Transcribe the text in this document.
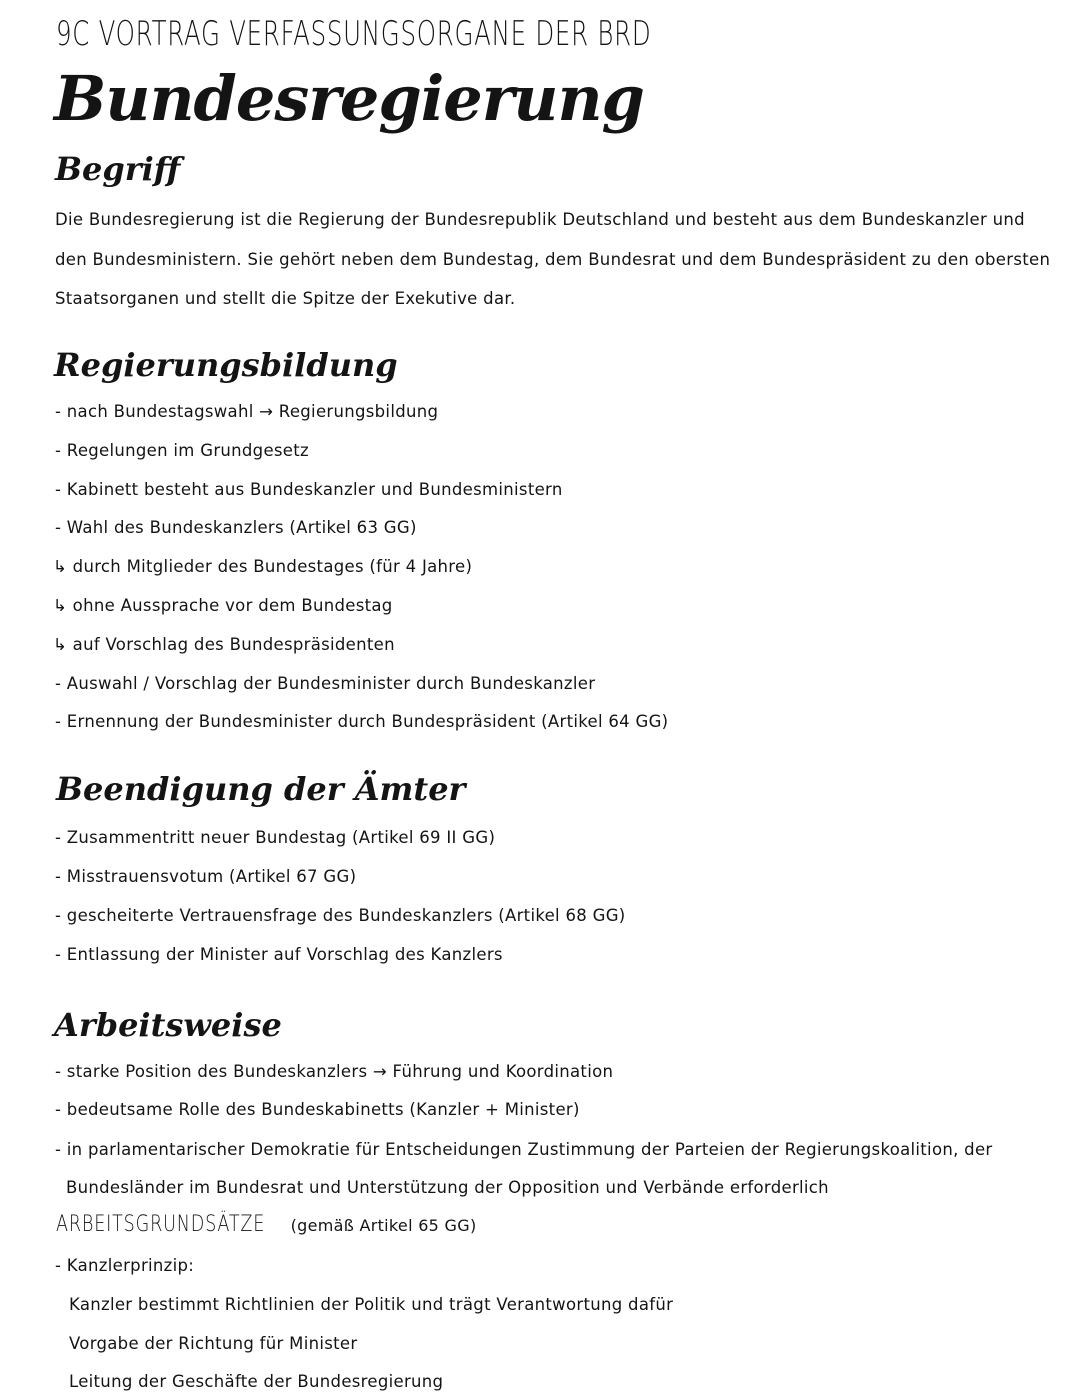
9C VORTRAG VERFASSUNGSORGANE DER BRD
Bundesregierung
Begriff
Die Bundesregierung ist die Regierung der Bundesrepublik Deutschland und besteht aus dem Bundeskanzler und den Bundesministern. Sie gehört neben dem Bundestag, dem Bundesrat und dem Bundespräsident zu den obersten Staatsorganen und stellt die Spitze der Exekutive dar.
Regierungsbildung
- nach Bundestagswahl → Regierungsbildung
- Regelungen im Grundgesetz
- Kabinett besteht aus Bundeskanzler und Bundesministern
- Wahl des Bundeskanzlers (Artikel 63 GG)
↳ durch Mitglieder des Bundestages (für 4 Jahre)
↳ ohne Aussprache vor dem Bundestag
↳ auf Vorschlag des Bundespräsidenten
- Auswahl / Vorschlag der Bundesminister durch Bundeskanzler
- Ernennung der Bundesminister durch Bundespräsident (Artikel 64 GG)
Beendigung der Ämter
- Zusammentritt neuer Bundestag (Artikel 69 II GG)
- Misstrauensvotum (Artikel 67 GG)
- gescheiterte Vertrauensfrage des Bundeskanzlers (Artikel 68 GG)
- Entlassung der Minister auf Vorschlag des Kanzlers
Arbeitsweise
- starke Position des Bundeskanzlers → Führung und Koordination
- bedeutsame Rolle des Bundeskabinetts (Kanzler + Minister)
- in parlamentarischer Demokratie für Entscheidungen Zustimmung der Parteien der Regierungskoalition, der
Bundesländer im Bundesrat und Unterstützung der Opposition und Verbände erforderlich
ARBEITSGRUNDSÄTZE (gemäß Artikel 65 GG)
- Kanzlerprinzip:
Kanzler bestimmt Richtlinien der Politik und trägt Verantwortung dafür
Vorgabe der Richtung für Minister
Leitung der Geschäfte der Bundesregierung
